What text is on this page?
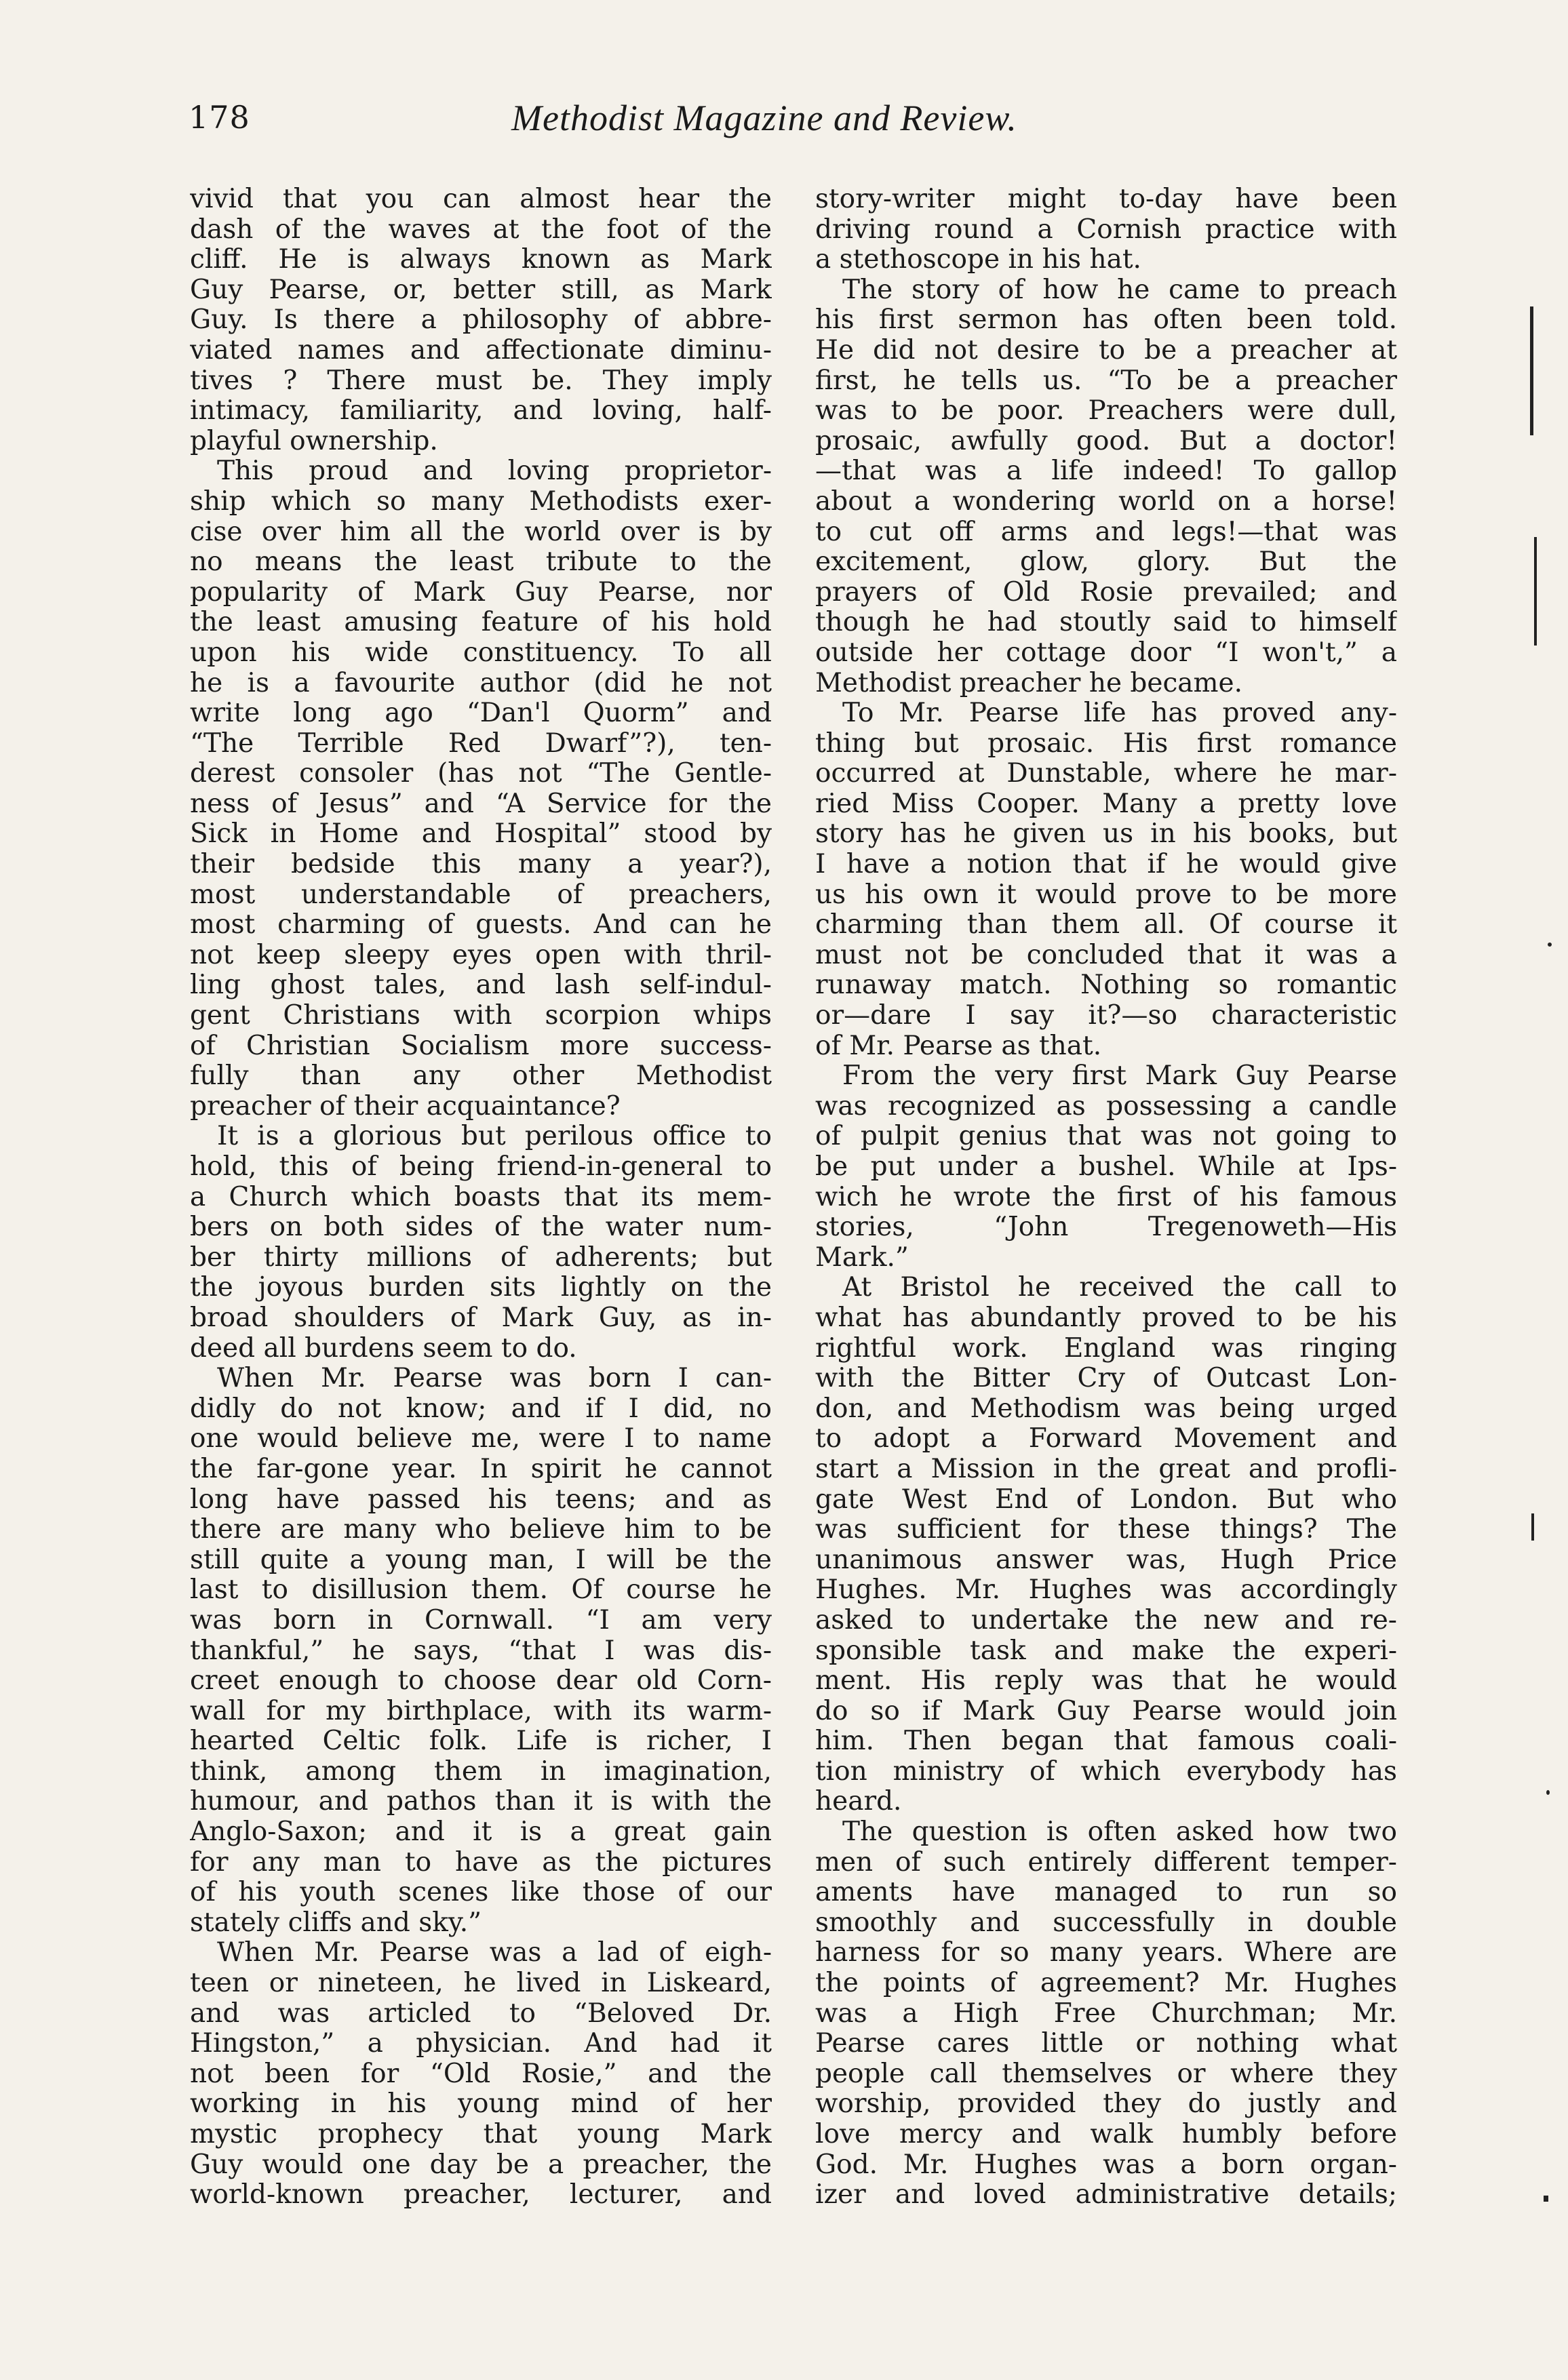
178	Methodist Magazine and Review.
vivid that you can almost hear the
dash of the waves at the foot of the
cliff. He is always known as Mark
Guy Pearse, or, better still, as Mark
Guy. Is there a philosophy of abbre-
viated names and affectionate diminu-
tives ? There must be. They imply
intimacy, familiarity, and loving, half-
playful ownership.
This proud and loving proprietor-
ship which so many Methodists exer-
cise over him all the world over is by
no means the least tribute to the
popularity of Mark Guy Pearse, nor
the least amusing feature of his hold
upon his wide constituency. To all
he is a favourite author (did he not
write long ago “Dan'l Quorm” and
“The Terrible Red Dwarf”?), ten-
derest consoler (has not “The Gentle-
ness of Jesus” and “A Service for the
Sick in Home and Hospital” stood by
their bedside this many a year?),
most understandable of preachers,
most charming of guests. And can he
not keep sleepy eyes open with thril-
ling ghost tales, and lash self-indul-
gent Christians with scorpion whips
of Christian Socialism more success-
fully than any other Methodist
preacher of their acquaintance?
It is a glorious but perilous office to
hold, this of being friend-in-general to
a Church which boasts that its mem-
bers on both sides of the water num-
ber thirty millions of adherents; but
the joyous burden sits lightly on the
broad shoulders of Mark Guy, as in-
deed all burdens seem to do.
When Mr. Pearse was born I can-
didly do not know; and if I did, no
one would believe me, were I to name
the far-gone year. In spirit he cannot
long have passed his teens; and as
there are many who believe him to be
still quite a young man, I will be the
last to disillusion them. Of course he
was born in Cornwall. “I am very
thankful,” he says, “that I was dis-
creet enough to choose dear old Corn-
wall for my birthplace, with its warm-
hearted Celtic folk. Life is richer, I
think, among them in imagination,
humour, and pathos than it is with the
Anglo-Saxon; and it is a great gain
for any man to have as the pictures
of his youth scenes like those of our
stately cliffs and sky.”
When Mr. Pearse was a lad of eigh-
teen or nineteen, he lived in Liskeard,
and was articled to “Beloved Dr.
Hingston,” a physician. And had it
not been for “Old Rosie,” and the
working in his young mind of her
mystic prophecy that young Mark
Guy would one day be a preacher, the
world-known preacher, lecturer, and
story-writer might to-day have been
driving round a Cornish practice with
a stethoscope in his hat.
The story of how he came to preach
his first sermon has often been told.
He did not desire to be a preacher at
first, he tells us. “To be a preacher
was to be poor. Preachers were dull,
prosaic, awfully good. But a doctor!
—that was a life indeed! To gallop
about a wondering world on a horse!
to cut off arms and legs!—that was
excitement, glow, glory. But the
prayers of Old Rosie prevailed; and
though he had stoutly said to himself
outside her cottage door “I won't,” a
Methodist preacher he became.
To Mr. Pearse life has proved any-
thing but prosaic. His first romance
occurred at Dunstable, where he mar-
ried Miss Cooper. Many a pretty love
story has he given us in his books, but
I have a notion that if he would give
us his own it would prove to be more
charming than them all. Of course it
must not be concluded that it was a
runaway match. Nothing so romantic
or—dare I say it?—so characteristic
of Mr. Pearse as that.
From the very first Mark Guy Pearse
was recognized as possessing a candle
of pulpit genius that was not going to
be put under a bushel. While at Ips-
wich he wrote the first of his famous
stories, “John Tregenoweth—His
Mark.”
At Bristol he received the call to
what has abundantly proved to be his
rightful work. England was ringing
with the Bitter Cry of Outcast Lon-
don, and Methodism was being urged
to adopt a Forward Movement and
start a Mission in the great and profli-
gate West End of London. But who
was sufficient for these things? The
unanimous answer was, Hugh Price
Hughes. Mr. Hughes was accordingly
asked to undertake the new and re-
sponsible task and make the experi-
ment. His reply was that he would
do so if Mark Guy Pearse would join
him. Then began that famous coali-
tion ministry of which everybody has
heard.
The question is often asked how two
men of such entirely different temper-
aments have managed to run so
smoothly and successfully in double
harness for so many years. Where are
the points of agreement? Mr. Hughes
was a High Free Churchman; Mr.
Pearse cares little or nothing what
people call themselves or where they
worship, provided they do justly and
love mercy and walk humbly before
God. Mr. Hughes was a born organ-
izer and loved administrative details;
